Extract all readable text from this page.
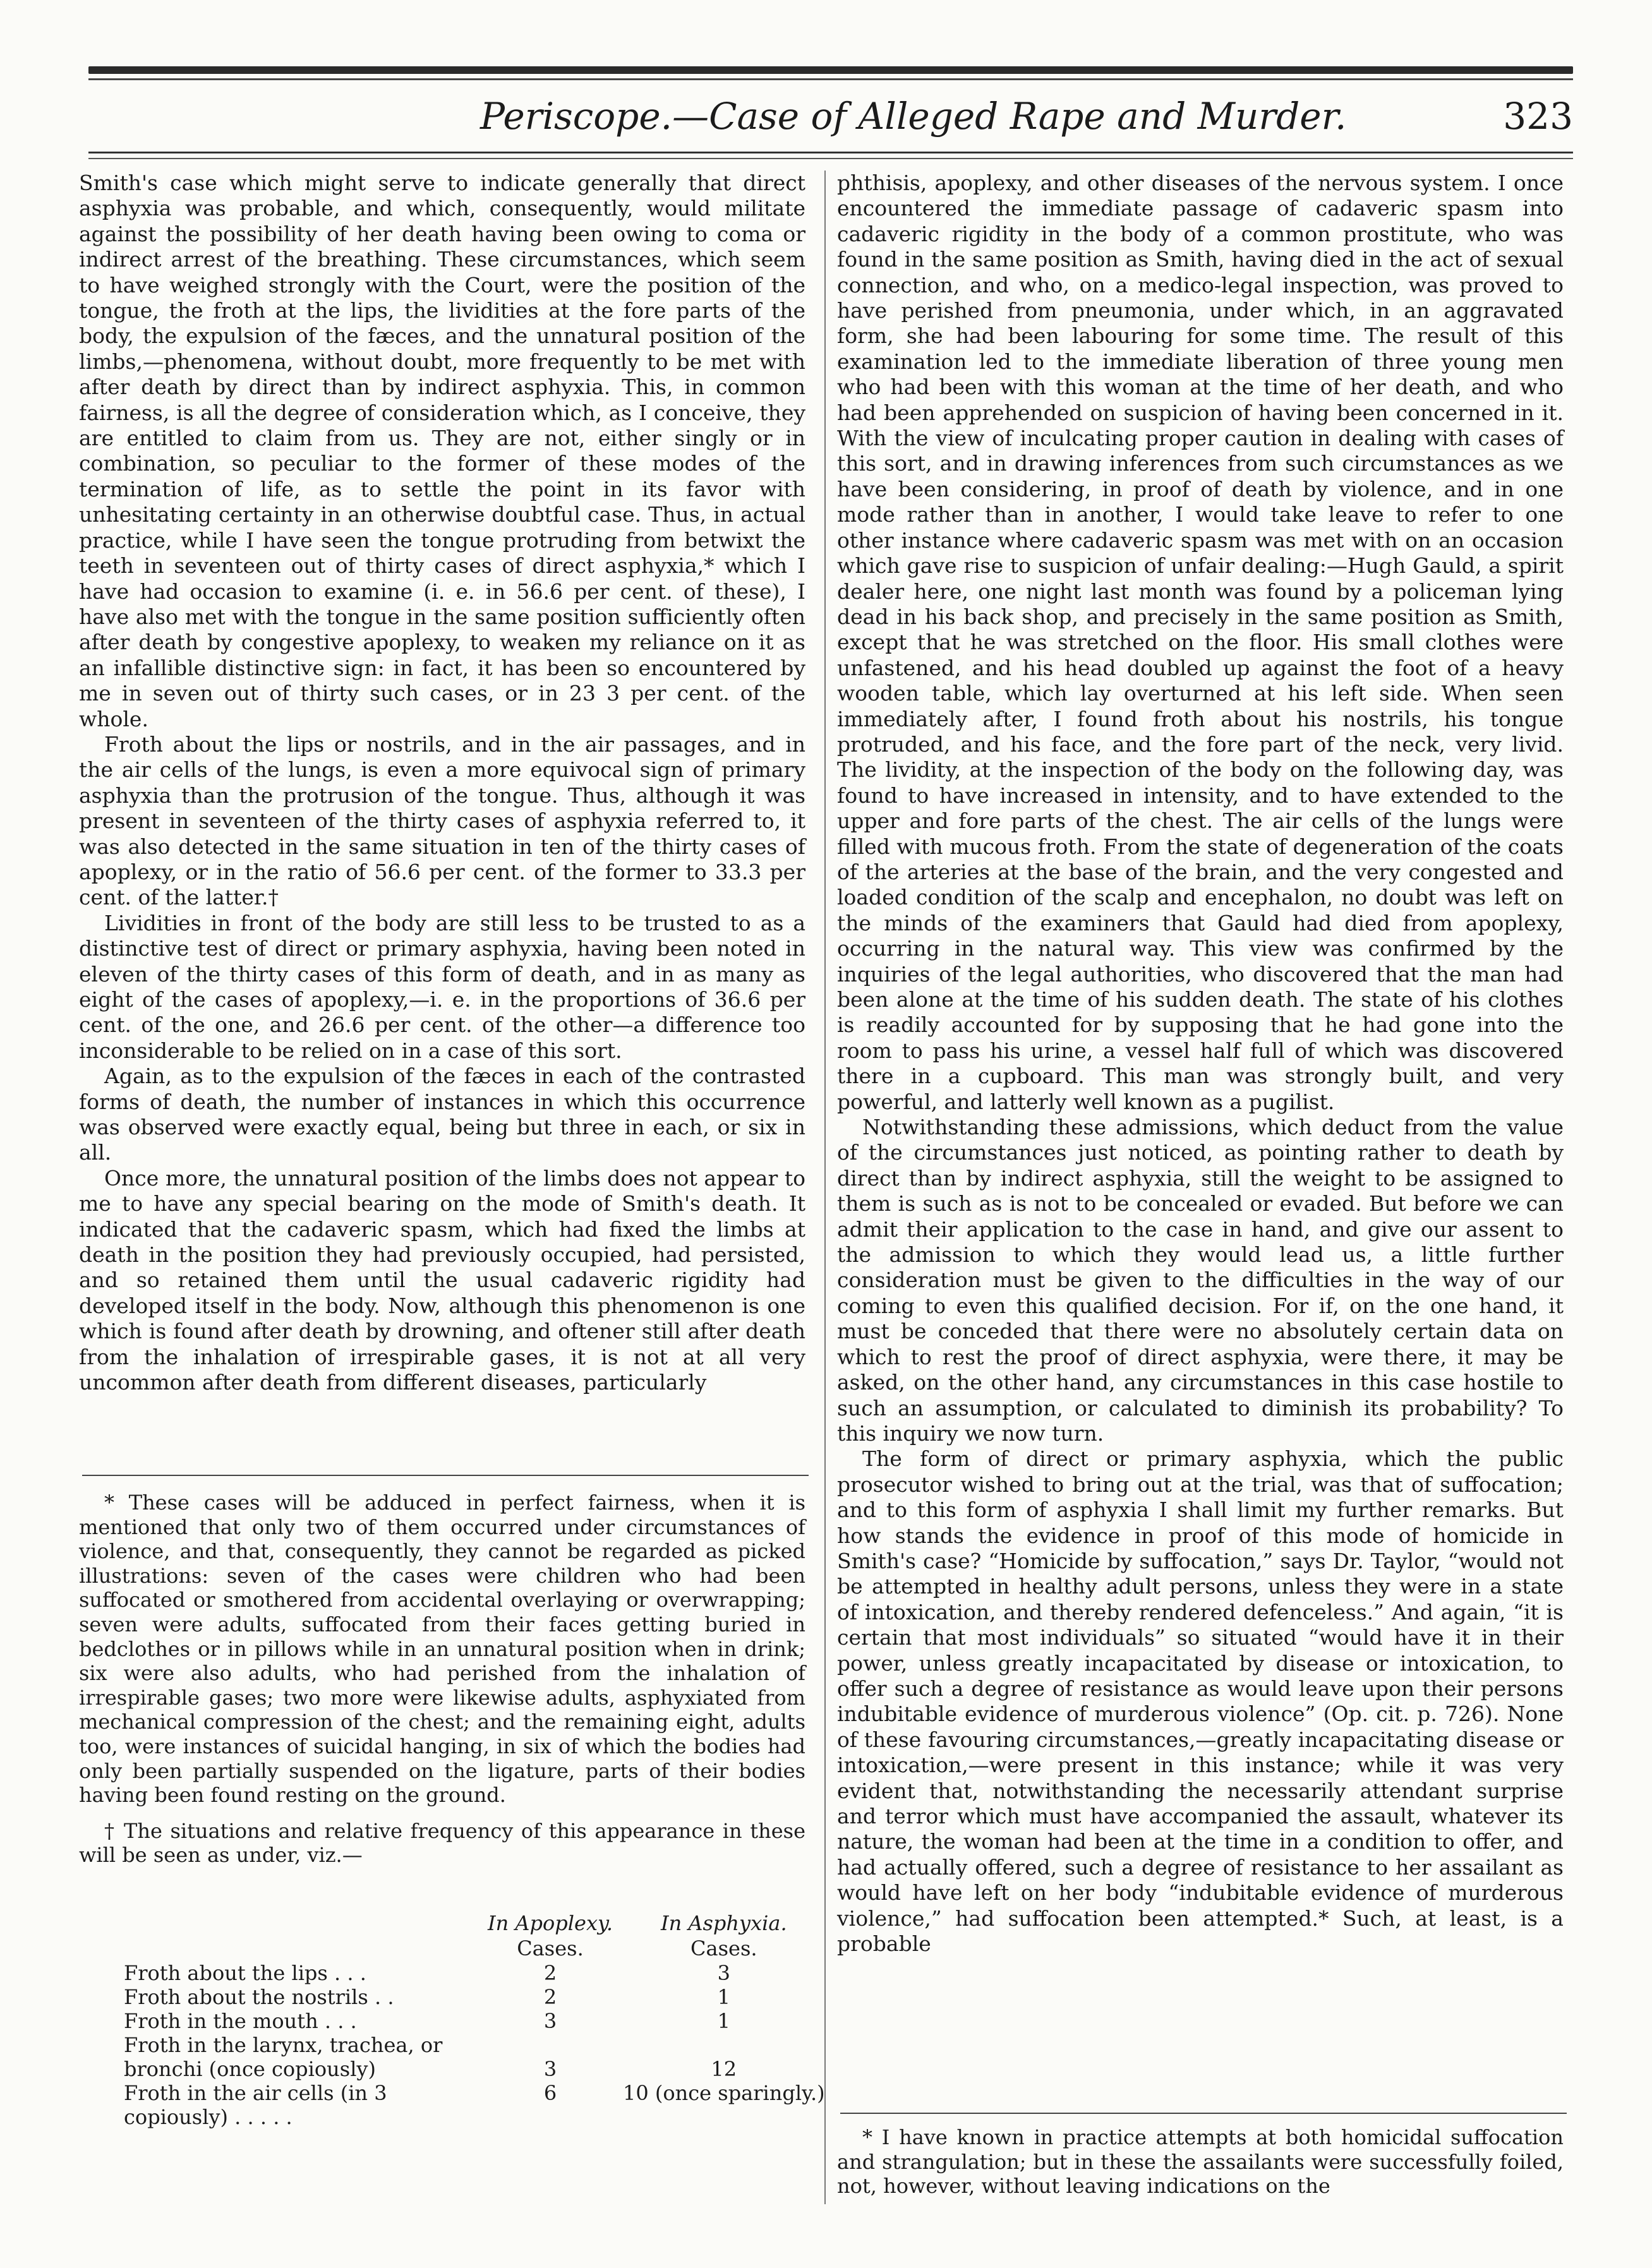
Periscope.—Case of Alleged Rape and Murder.	323

Smith's case which might serve to indicate generally that direct asphyxia was probable, and which, consequently, would militate against the possibility of her death having been owing to coma or indirect arrest of the breathing. These circumstances, which seem to have weighed strongly with the Court, were the position of the tongue, the froth at the lips, the lividities at the fore parts of the body, the expulsion of the fæces, and the unnatural position of the limbs,—phenomena, without doubt, more frequently to be met with after death by direct than by indirect asphyxia. This, in common fairness, is all the degree of consideration which, as I conceive, they are entitled to claim from us. They are not, either singly or in combination, so peculiar to the former of these modes of the termination of life, as to settle the point in its favor with unhesitating certainty in an otherwise doubtful case. Thus, in actual practice, while I have seen the tongue protruding from betwixt the teeth in seventeen out of thirty cases of direct asphyxia,* which I have had occasion to examine (i. e. in 56.6 per cent. of these), I have also met with the tongue in the same position sufficiently often after death by congestive apoplexy, to weaken my reliance on it as an infallible distinctive sign: in fact, it has been so encountered by me in seven out of thirty such cases, or in 23 3 per cent. of the whole.

Froth about the lips or nostrils, and in the air passages, and in the air cells of the lungs, is even a more equivocal sign of primary asphyxia than the protrusion of the tongue. Thus, although it was present in seventeen of the thirty cases of asphyxia referred to, it was also detected in the same situation in ten of the thirty cases of apoplexy, or in the ratio of 56.6 per cent. of the former to 33.3 per cent. of the latter.†

Lividities in front of the body are still less to be trusted to as a distinctive test of direct or primary asphyxia, having been noted in eleven of the thirty cases of this form of death, and in as many as eight of the cases of apoplexy,—i. e. in the proportions of 36.6 per cent. of the one, and 26.6 per cent. of the other—a difference too inconsiderable to be relied on in a case of this sort.

Again, as to the expulsion of the fæces in each of the contrasted forms of death, the number of instances in which this occurrence was observed were exactly equal, being but three in each, or six in all.

Once more, the unnatural position of the limbs does not appear to me to have any special bearing on the mode of Smith's death. It indicated that the cadaveric spasm, which had fixed the limbs at death in the position they had previously occupied, had persisted, and so retained them until the usual cadaveric rigidity had developed itself in the body. Now, although this phenomenon is one which is found after death by drowning, and oftener still after death from the inhalation of irrespirable gases, it is not at all very uncommon after death from different diseases, particularly

* These cases will be adduced in perfect fairness, when it is mentioned that only two of them occurred under circumstances of violence, and that, consequently, they cannot be regarded as picked illustrations: seven of the cases were children who had been suffocated or smothered from accidental overlaying or overwrapping; seven were adults, suffocated from their faces getting buried in bedclothes or in pillows while in an unnatural position when in drink; six were also adults, who had perished from the inhalation of irrespirable gases; two more were likewise adults, asphyxiated from mechanical compression of the chest; and the remaining eight, adults too, were instances of suicidal hanging, in six of which the bodies had only been partially suspended on the ligature, parts of their bodies having been found resting on the ground.

† The situations and relative frequency of this appearance in these will be seen as under, viz.—

	In Apoplexy.	In Asphyxia.
	Cases.	Cases.
Froth about the lips . . .	2	3
Froth about the nostrils . .	2	1
Froth in the mouth . . .	3	1
Froth in the larynx, trachea, or bronchi (once copiously)	3	12
Froth in the air cells (in 3 copiously) . . . . .	6	10 (once sparingly.)

phthisis, apoplexy, and other diseases of the nervous system. I once encountered the immediate passage of cadaveric spasm into cadaveric rigidity in the body of a common prostitute, who was found in the same position as Smith, having died in the act of sexual connection, and who, on a medico-legal inspection, was proved to have perished from pneumonia, under which, in an aggravated form, she had been labouring for some time. The result of this examination led to the immediate liberation of three young men who had been with this woman at the time of her death, and who had been apprehended on suspicion of having been concerned in it. With the view of inculcating proper caution in dealing with cases of this sort, and in drawing inferences from such circumstances as we have been considering, in proof of death by violence, and in one mode rather than in another, I would take leave to refer to one other instance where cadaveric spasm was met with on an occasion which gave rise to suspicion of unfair dealing:—Hugh Gauld, a spirit dealer here, one night last month was found by a policeman lying dead in his back shop, and precisely in the same position as Smith, except that he was stretched on the floor. His small clothes were unfastened, and his head doubled up against the foot of a heavy wooden table, which lay overturned at his left side. When seen immediately after, I found froth about his nostrils, his tongue protruded, and his face, and the fore part of the neck, very livid. The lividity, at the inspection of the body on the following day, was found to have increased in intensity, and to have extended to the upper and fore parts of the chest. The air cells of the lungs were filled with mucous froth. From the state of degeneration of the coats of the arteries at the base of the brain, and the very congested and loaded condition of the scalp and encephalon, no doubt was left on the minds of the examiners that Gauld had died from apoplexy, occurring in the natural way. This view was confirmed by the inquiries of the legal authorities, who discovered that the man had been alone at the time of his sudden death. The state of his clothes is readily accounted for by supposing that he had gone into the room to pass his urine, a vessel half full of which was discovered there in a cupboard. This man was strongly built, and very powerful, and latterly well known as a pugilist.

Notwithstanding these admissions, which deduct from the value of the circumstances just noticed, as pointing rather to death by direct than by indirect asphyxia, still the weight to be assigned to them is such as is not to be concealed or evaded. But before we can admit their application to the case in hand, and give our assent to the admission to which they would lead us, a little further consideration must be given to the difficulties in the way of our coming to even this qualified decision. For if, on the one hand, it must be conceded that there were no absolutely certain data on which to rest the proof of direct asphyxia, were there, it may be asked, on the other hand, any circumstances in this case hostile to such an assumption, or calculated to diminish its probability? To this inquiry we now turn.

The form of direct or primary asphyxia, which the public prosecutor wished to bring out at the trial, was that of suffocation; and to this form of asphyxia I shall limit my further remarks. But how stands the evidence in proof of this mode of homicide in Smith's case? “Homicide by suffocation,” says Dr. Taylor, “would not be attempted in healthy adult persons, unless they were in a state of intoxication, and thereby rendered defenceless.” And again, “it is certain that most individuals” so situated “would have it in their power, unless greatly incapacitated by disease or intoxication, to offer such a degree of resistance as would leave upon their persons indubitable evidence of murderous violence” (Op. cit. p. 726). None of these favouring circumstances,—greatly incapacitating disease or intoxication,—were present in this instance; while it was very evident that, notwithstanding the necessarily attendant surprise and terror which must have accompanied the assault, whatever its nature, the woman had been at the time in a condition to offer, and had actually offered, such a degree of resistance to her assailant as would have left on her body “indubitable evidence of murderous violence,” had suffocation been attempted.* Such, at least, is a probable

* I have known in practice attempts at both homicidal suffocation and strangulation; but in these the assailants were successfully foiled, not, however, without leaving indications on the
